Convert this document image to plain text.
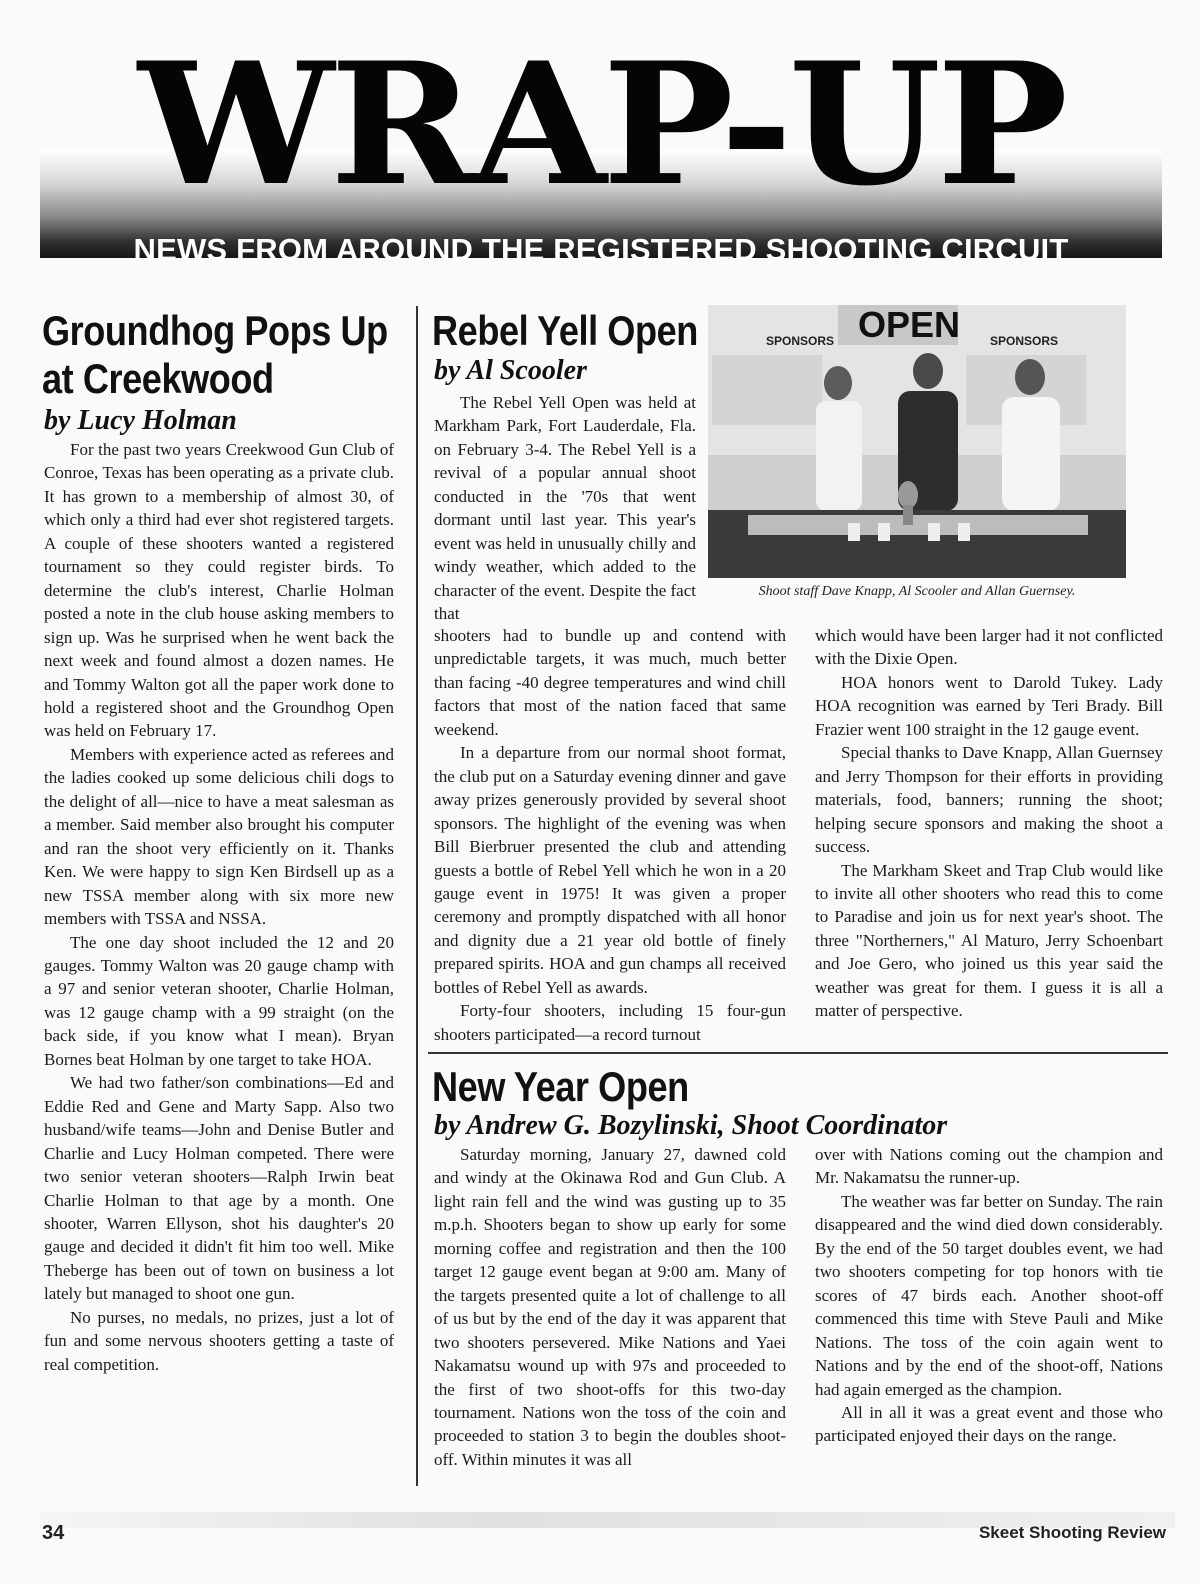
WRAP-UP
NEWS FROM AROUND THE REGISTERED SHOOTING CIRCUIT
Groundhog Pops Up
at Creekwood
by Lucy Holman

For the past two years Creekwood Gun Club of Conroe, Texas has been operating as a private club. It has grown to a membership of almost 30, of which only a third had ever shot registered targets. A couple of these shooters wanted a registered tournament so they could register birds. To determine the club's interest, Charlie Holman posted a note in the club house asking members to sign up. Was he surprised when he went back the next week and found almost a dozen names. He and Tommy Walton got all the paper work done to hold a registered shoot and the Groundhog Open was held on February 17.

Members with experience acted as referees and the ladies cooked up some delicious chili dogs to the delight of all—nice to have a meat salesman as a member. Said member also brought his computer and ran the shoot very efficiently on it. Thanks Ken. We were happy to sign Ken Birdsell up as a new TSSA member along with six more new members with TSSA and NSSA.

The one day shoot included the 12 and 20 gauges. Tommy Walton was 20 gauge champ with a 97 and senior veteran shooter, Charlie Holman, was 12 gauge champ with a 99 straight (on the back side, if you know what I mean). Bryan Bornes beat Holman by one target to take HOA.

We had two father/son combinations—Ed and Eddie Red and Gene and Marty Sapp. Also two husband/wife teams—John and Denise Butler and Charlie and Lucy Holman competed. There were two senior veteran shooters—Ralph Irwin beat Charlie Holman to that age by a month. One shooter, Warren Ellyson, shot his daughter's 20 gauge and decided it didn't fit him too well. Mike Theberge has been out of town on business a lot lately but managed to shoot one gun.

No purses, no medals, no prizes, just a lot of fun and some nervous shooters getting a taste of real competition.

Rebel Yell Open
by Al Scooler

The Rebel Yell Open was held at Markham Park, Fort Lauderdale, Fla. on February 3-4. The Rebel Yell is a revival of a popular annual shoot conducted in the '70s that went dormant until last year. This year's event was held in unusually chilly and windy weather, which added to the character of the event. Despite the fact that

OPEN
SPONSORS	SPONSORS
Shoot staff Dave Knapp, Al Scooler and Allan Guernsey.

shooters had to bundle up and contend with unpredictable targets, it was much, much better than facing -40 degree temperatures and wind chill factors that most of the nation faced that same weekend.

In a departure from our normal shoot format, the club put on a Saturday evening dinner and gave away prizes generously provided by several shoot sponsors. The highlight of the evening was when Bill Bierbruer presented the club and attending guests a bottle of Rebel Yell which he won in a 20 gauge event in 1975! It was given a proper ceremony and promptly dispatched with all honor and dignity due a 21 year old bottle of finely prepared spirits. HOA and gun champs all received bottles of Rebel Yell as awards.

Forty-four shooters, including 15 four-gun shooters participated—a record turnout

which would have been larger had it not conflicted with the Dixie Open.

HOA honors went to Darold Tukey. Lady HOA recognition was earned by Teri Brady. Bill Frazier went 100 straight in the 12 gauge event.

Special thanks to Dave Knapp, Allan Guernsey and Jerry Thompson for their efforts in providing materials, food, banners; running the shoot; helping secure sponsors and making the shoot a success.

The Markham Skeet and Trap Club would like to invite all other shooters who read this to come to Paradise and join us for next year's shoot. The three "Northerners," Al Maturo, Jerry Schoenbart and Joe Gero, who joined us this year said the weather was great for them. I guess it is all a matter of perspective.

New Year Open
by Andrew G. Bozylinski, Shoot Coordinator

Saturday morning, January 27, dawned cold and windy at the Okinawa Rod and Gun Club. A light rain fell and the wind was gusting up to 35 m.p.h. Shooters began to show up early for some morning coffee and registration and then the 100 target 12 gauge event began at 9:00 am. Many of the targets presented quite a lot of challenge to all of us but by the end of the day it was apparent that two shooters persevered. Mike Nations and Yaei Nakamatsu wound up with 97s and proceeded to the first of two shoot-offs for this two-day tournament. Nations won the toss of the coin and proceeded to station 3 to begin the doubles shoot-off. Within minutes it was all

over with Nations coming out the champion and Mr. Nakamatsu the runner-up.

The weather was far better on Sunday. The rain disappeared and the wind died down considerably. By the end of the 50 target doubles event, we had two shooters competing for top honors with tie scores of 47 birds each. Another shoot-off commenced this time with Steve Pauli and Mike Nations. The toss of the coin again went to Nations and by the end of the shoot-off, Nations had again emerged as the champion.

All in all it was a great event and those who participated enjoyed their days on the range.

34	Skeet Shooting Review
